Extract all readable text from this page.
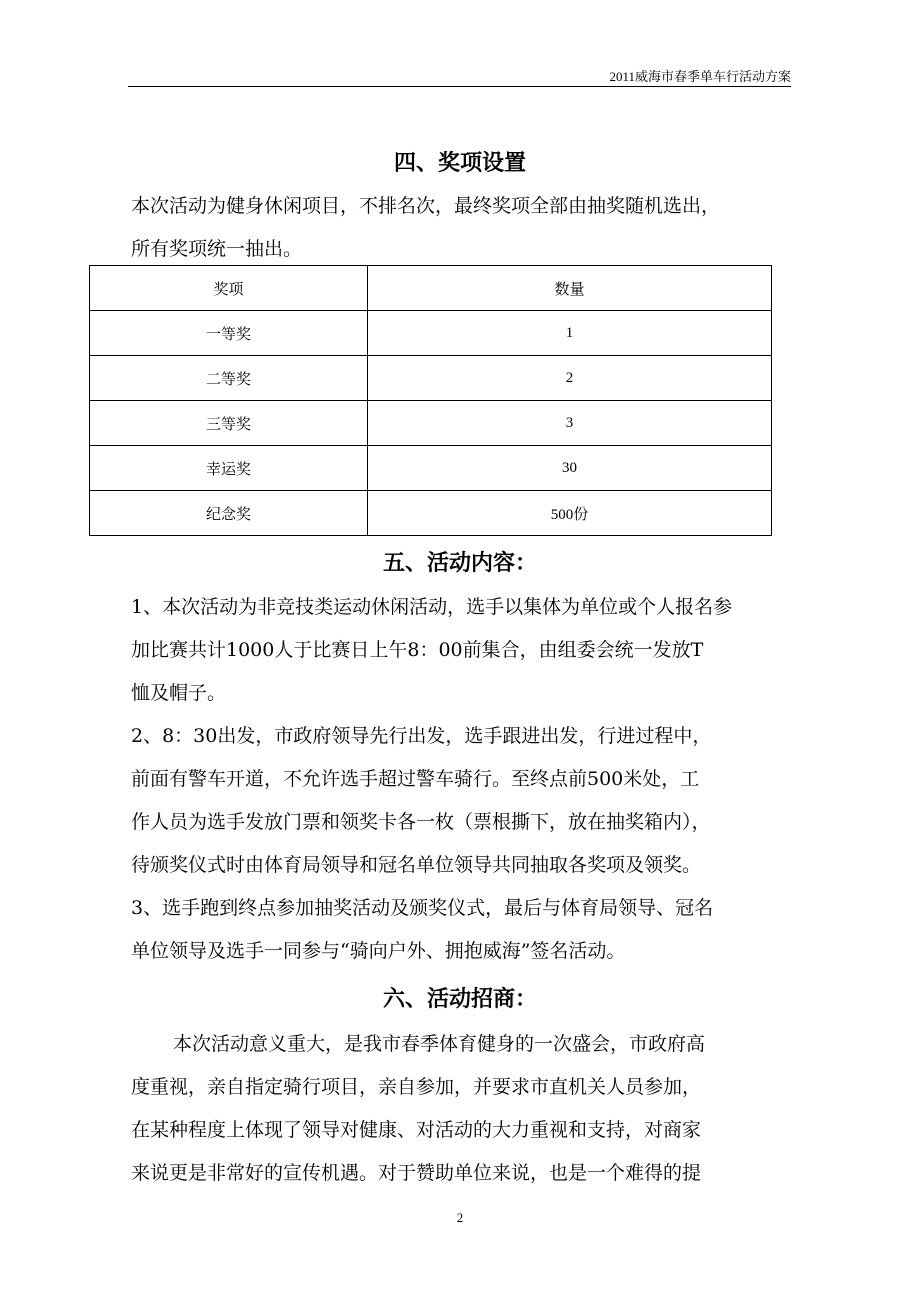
2011威海市春季单车行活动方案
四、奖项设置
本次活动为健身休闲项目，不排名次，最终奖项全部由抽奖随机选出，
所有奖项统一抽出。
奖项	数量
一等奖	1
二等奖	2
三等奖	3
幸运奖	30
纪念奖	500份
五、活动内容：
1、本次活动为非竞技类运动休闲活动，选手以集体为单位或个人报名参
加比赛共计1000人于比赛日上午8：00前集合，由组委会统一发放T
恤及帽子。
2、8：30出发，市政府领导先行出发，选手跟进出发，行进过程中，
前面有警车开道，不允许选手超过警车骑行。至终点前500米处，工
作人员为选手发放门票和领奖卡各一枚（票根撕下，放在抽奖箱内），
待颁奖仪式时由体育局领导和冠名单位领导共同抽取各奖项及领奖。
3、选手跑到终点参加抽奖活动及颁奖仪式，最后与体育局领导、冠名
单位领导及选手一同参与“骑向户外、拥抱威海”签名活动。
六、活动招商：
本次活动意义重大，是我市春季体育健身的一次盛会，市政府高
度重视，亲自指定骑行项目，亲自参加，并要求市直机关人员参加，
在某种程度上体现了领导对健康、对活动的大力重视和支持，对商家
来说更是非常好的宣传机遇。对于赞助单位来说，也是一个难得的提
2
